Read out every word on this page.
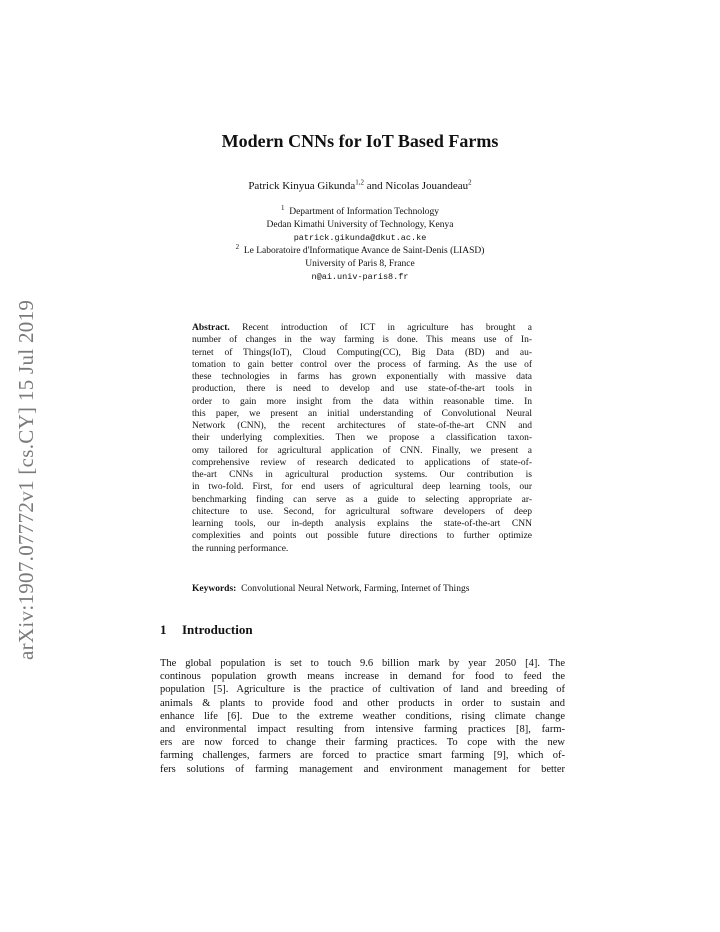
arXiv:1907.07772v1 [cs.CY] 15 Jul 2019
Modern CNNs for IoT Based Farms
Patrick Kinyua Gikunda$^{1,2}$ and Nicolas Jouandeau$^2$
$^1$ Department of Information Technology
Dedan Kimathi University of Technology, Kenya
patrick.gikunda@dkut.ac.ke
$^2$ Le Laboratoire d'Informatique Avance de Saint-Denis (LIASD)
University of Paris 8, France
n@ai.univ-paris8.fr
Abstract. Recent introduction of ICT in agriculture has brought a
number of changes in the way farming is done. This means use of In-
ternet of Things(IoT), Cloud Computing(CC), Big Data (BD) and au-
tomation to gain better control over the process of farming. As the use of
these technologies in farms has grown exponentially with massive data
production, there is need to develop and use state-of-the-art tools in
order to gain more insight from the data within reasonable time. In
this paper, we present an initial understanding of Convolutional Neural
Network (CNN), the recent architectures of state-of-the-art CNN and
their underlying complexities. Then we propose a classification taxon-
omy tailored for agricultural application of CNN. Finally, we present a
comprehensive review of research dedicated to applications of state-of-
the-art CNNs in agricultural production systems. Our contribution is
in two-fold. First, for end users of agricultural deep learning tools, our
benchmarking finding can serve as a guide to selecting appropriate ar-
chitecture to use. Second, for agricultural software developers of deep
learning tools, our in-depth analysis explains the state-of-the-art CNN
complexities and points out possible future directions to further optimize
the running performance.
Keywords: Convolutional Neural Network, Farming, Internet of Things
1 Introduction
The global population is set to touch 9.6 billion mark by year 2050 [4]. The
continous population growth means increase in demand for food to feed the
population [5]. Agriculture is the practice of cultivation of land and breeding of
animals & plants to provide food and other products in order to sustain and
enhance life [6]. Due to the extreme weather conditions, rising climate change
and environmental impact resulting from intensive farming practices [8], farm-
ers are now forced to change their farming practices. To cope with the new
farming challenges, farmers are forced to practice smart farming [9], which of-
fers solutions of farming management and environment management for better
